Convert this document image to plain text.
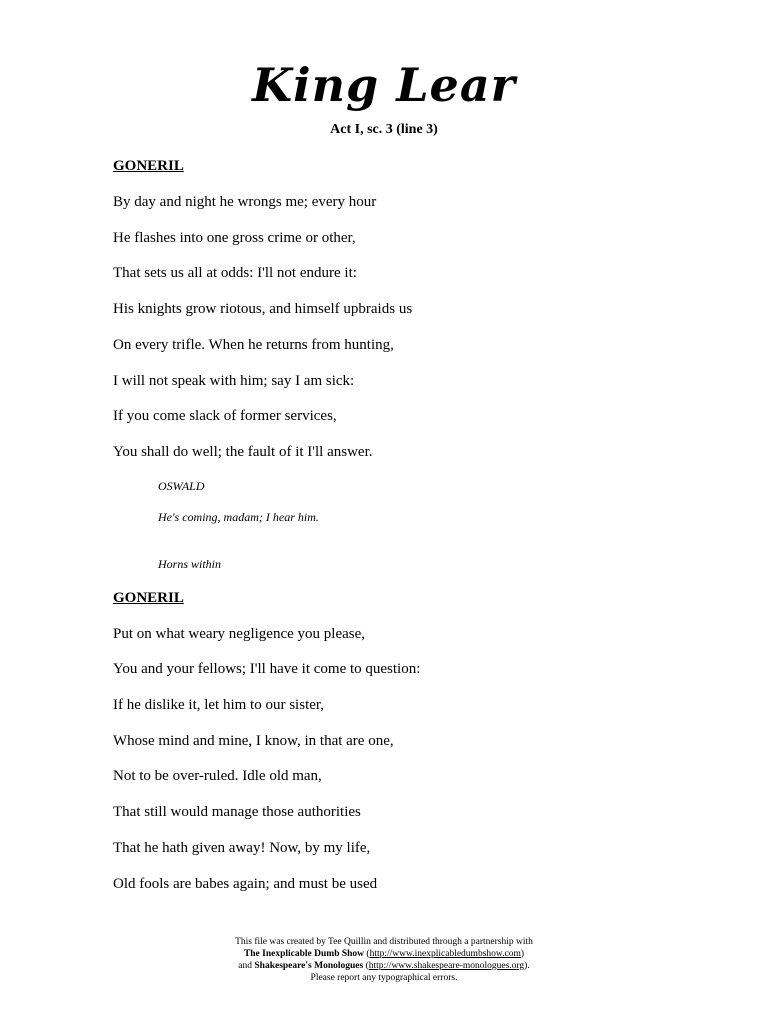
King Lear
Act I, sc. 3 (line 3)
GONERIL
By day and night he wrongs me; every hour
He flashes into one gross crime or other,
That sets us all at odds: I'll not endure it:
His knights grow riotous, and himself upbraids us
On every trifle. When he returns from hunting,
I will not speak with him; say I am sick:
If you come slack of former services,
You shall do well; the fault of it I'll answer.
OSWALD
He's coming, madam; I hear him.
Horns within
GONERIL
Put on what weary negligence you please,
You and your fellows; I'll have it come to question:
If he dislike it, let him to our sister,
Whose mind and mine, I know, in that are one,
Not to be over-ruled. Idle old man,
That still would manage those authorities
That he hath given away! Now, by my life,
Old fools are babes again; and must be used
This file was created by Tee Quillin and distributed through a partnership with
The Inexplicable Dumb Show (http://www.inexplicabledumbshow.com)
and Shakespeare's Monologues (http://www.shakespeare-monologues.org).
Please report any typographical errors.
